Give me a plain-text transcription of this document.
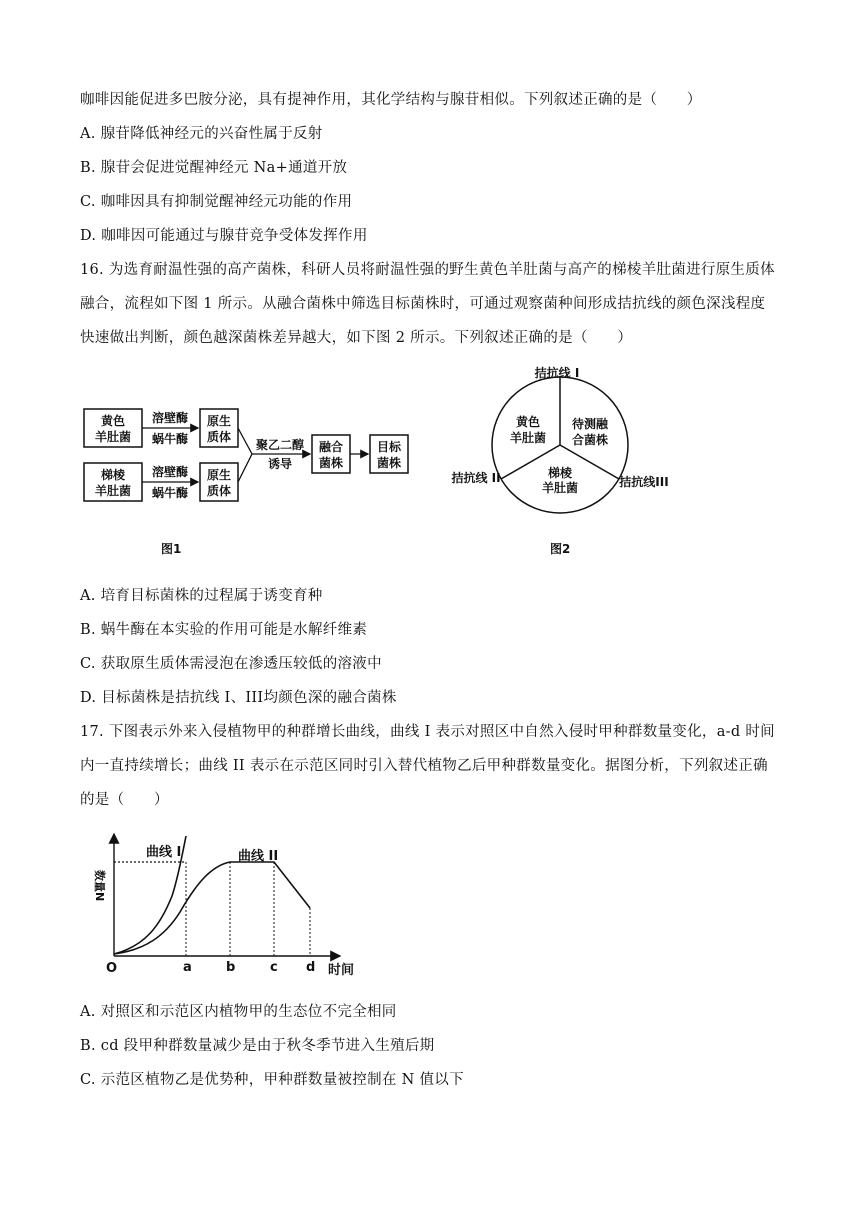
咖啡因能促进多巴胺分泌，具有提神作用，其化学结构与腺苷相似。下列叙述正确的是（　　）
A. 腺苷降低神经元的兴奋性属于反射
B. 腺苷会促进觉醒神经元 Na+通道开放
C. 咖啡因具有抑制觉醒神经元功能的作用
D. 咖啡因可能通过与腺苷竞争受体发挥作用
16. 为选育耐温性强的高产菌株，科研人员将耐温性强的野生黄色羊肚菌与高产的梯棱羊肚菌进行原生质体
融合，流程如下图 1 所示。从融合菌株中筛选目标菌株时，可通过观察菌种间形成拮抗线的颜色深浅程度
快速做出判断，颜色越深菌株差异越大，如下图 2 所示。下列叙述正确的是（　　）
黄色
羊肚菌
梯棱
羊肚菌
溶壁酶
蜗牛酶
溶壁酶
蜗牛酶
原生
质体
原生
质体
聚乙二醇
诱导
融合
菌株
目标
菌株
图1
拮抗线 I
拮抗线 II	拮抗线III
黄色
羊肚菌
待测融
合菌株
梯棱
羊肚菌
图2
A. 培育目标菌株的过程属于诱变育种
B. 蜗牛酶在本实验的作用可能是水解纤维素
C. 获取原生质体需浸泡在渗透压较低的溶液中
D. 目标菌株是拮抗线 I、III均颜色深的融合菌株
17. 下图表示外来入侵植物甲的种群增长曲线，曲线 I 表示对照区中自然入侵时甲种群数量变化，a-d 时间
内一直持续增长；曲线 II 表示在示范区同时引入替代植物乙后甲种群数量变化。据图分析，下列叙述正确
的是（　　）
数量N
曲线 I	曲线 II
O	a	b	c d 时间
A. 对照区和示范区内植物甲的生态位不完全相同
B. cd 段甲种群数量减少是由于秋冬季节进入生殖后期
C. 示范区植物乙是优势种，甲种群数量被控制在 N 值以下
